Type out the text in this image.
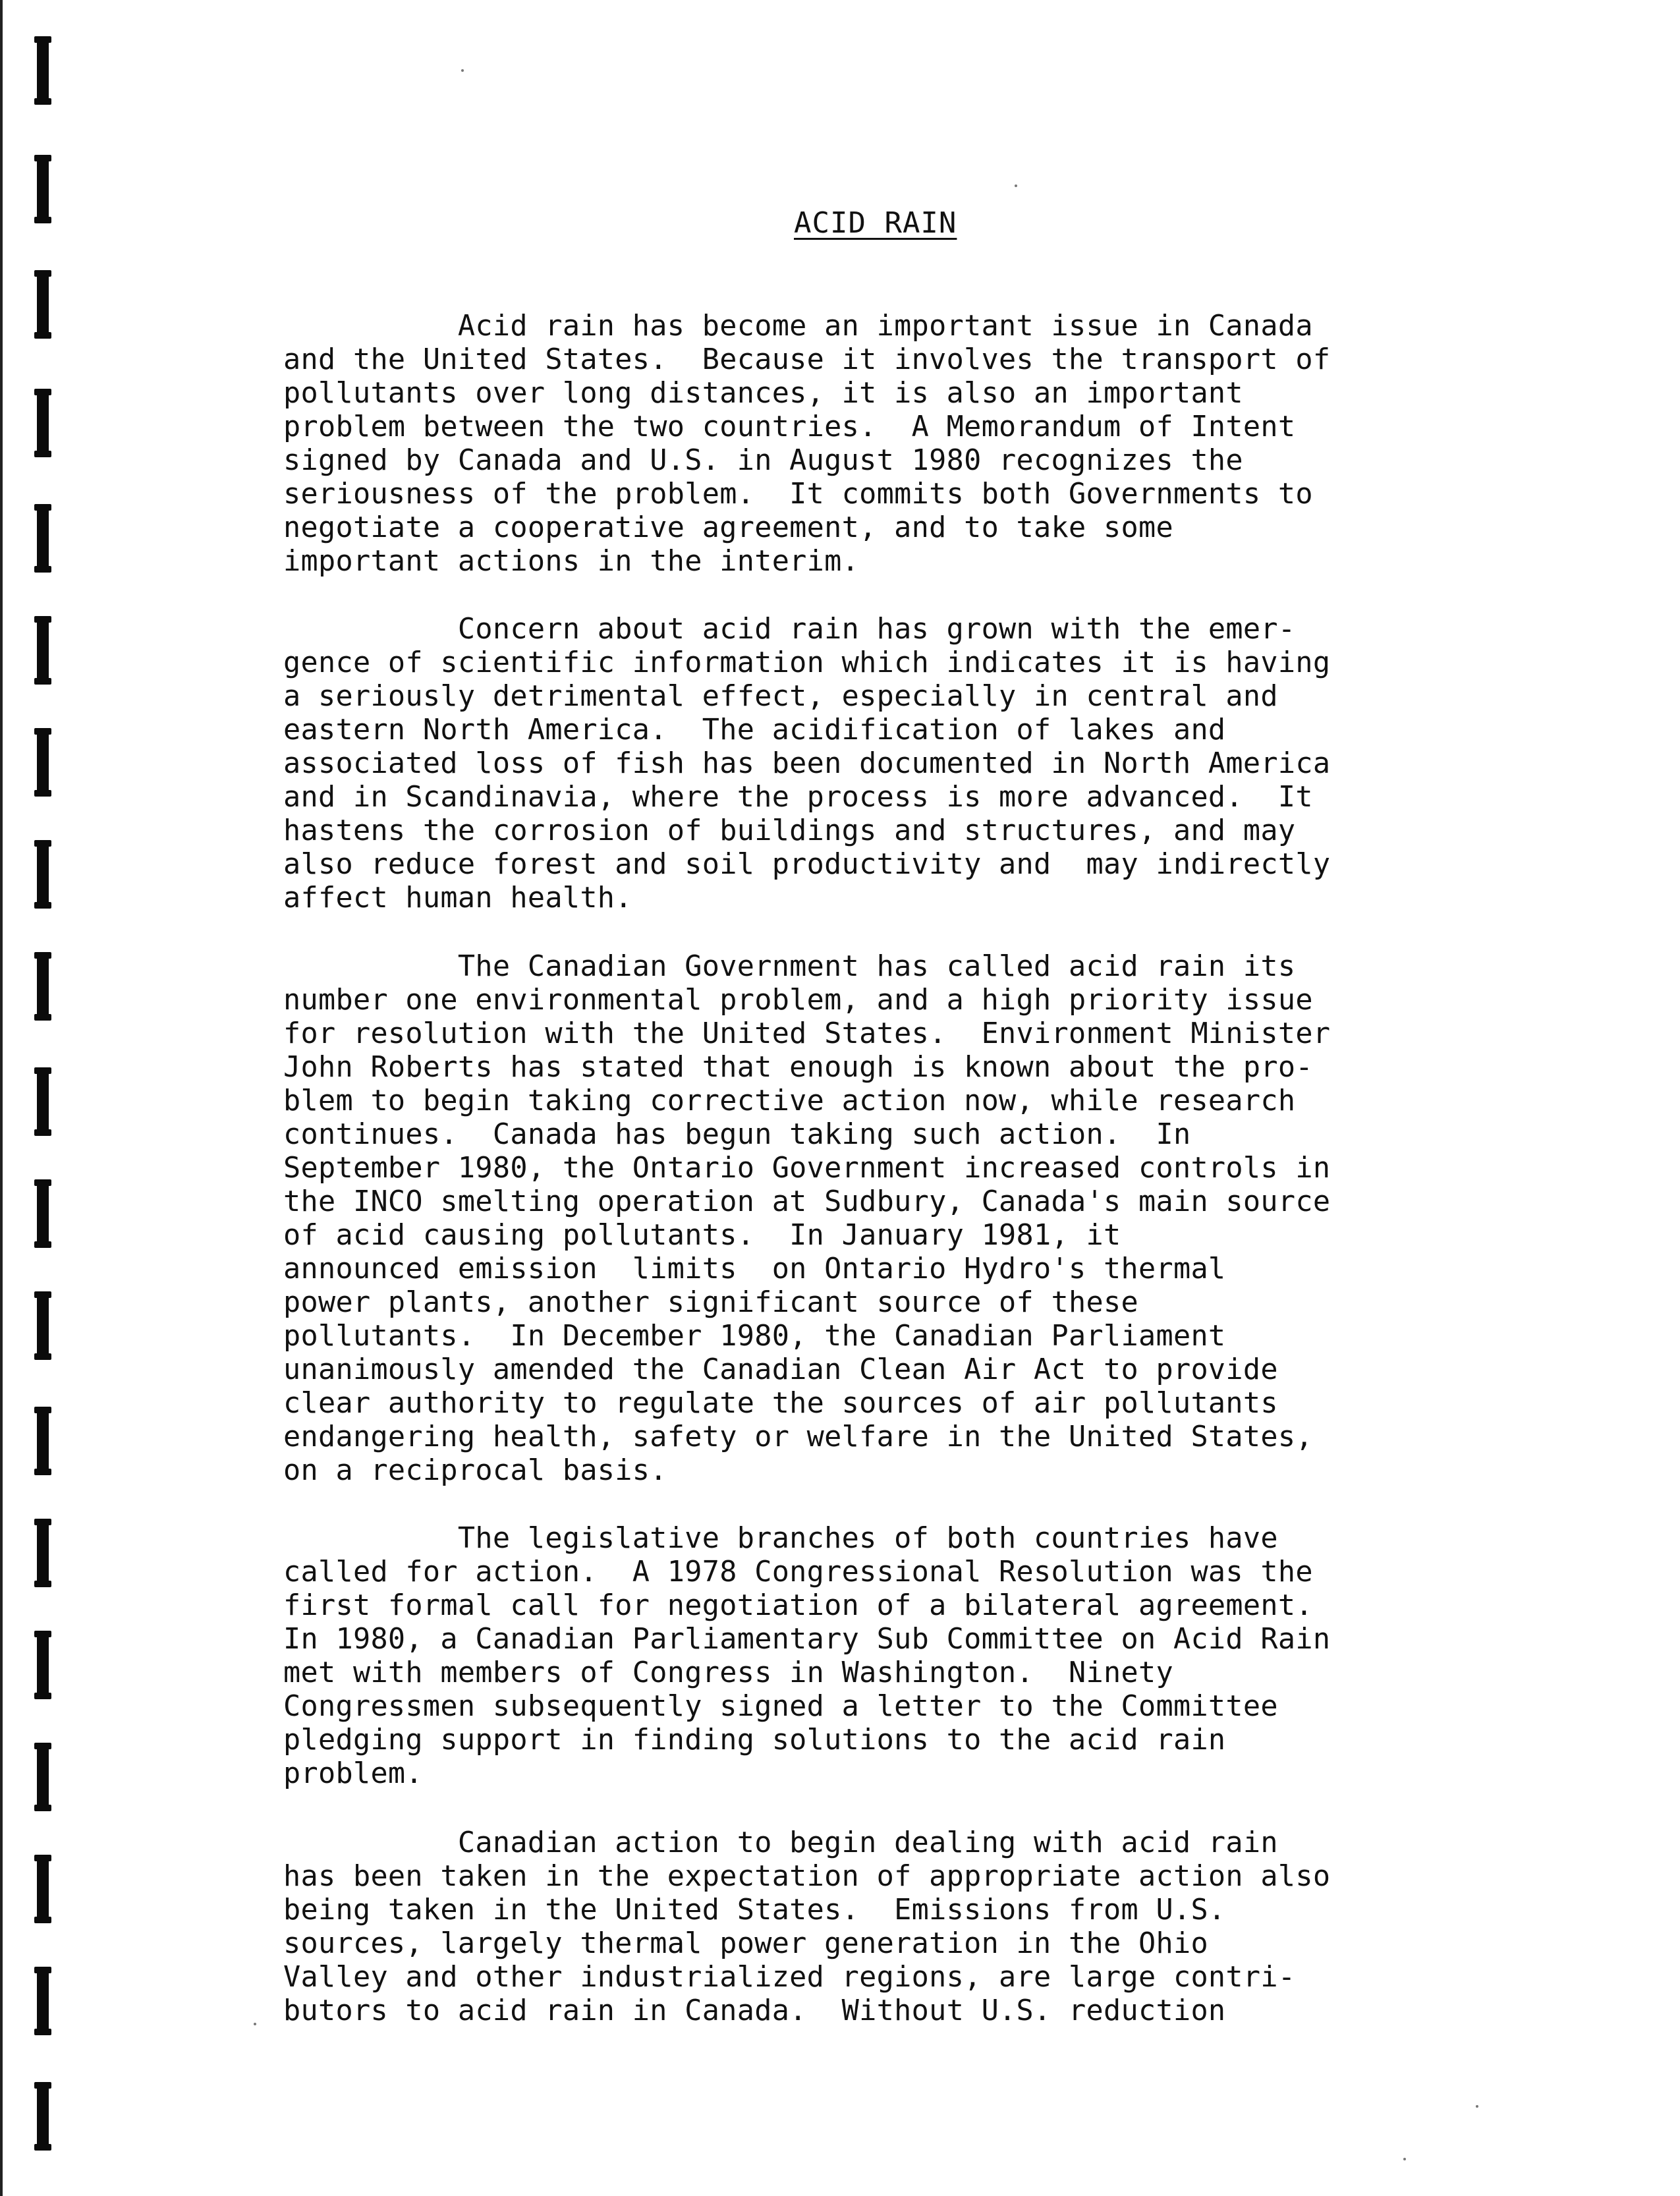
ACID RAIN
Acid rain has become an important issue in Canada
and the United States.  Because it involves the transport of
pollutants over long distances, it is also an important
problem between the two countries.  A Memorandum of Intent
signed by Canada and U.S. in August 1980 recognizes the
seriousness of the problem.  It commits both Governments to
negotiate a cooperative agreement, and to take some
important actions in the interim.
Concern about acid rain has grown with the emer-
gence of scientific information which indicates it is having
a seriously detrimental effect, especially in central and
eastern North America.  The acidification of lakes and
associated loss of fish has been documented in North America
and in Scandinavia, where the process is more advanced.  It
hastens the corrosion of buildings and structures, and may
also reduce forest and soil productivity and  may indirectly
affect human health.
The Canadian Government has called acid rain its
number one environmental problem, and a high priority issue
for resolution with the United States.  Environment Minister
John Roberts has stated that enough is known about the pro-
blem to begin taking corrective action now, while research
continues.  Canada has begun taking such action.  In
September 1980, the Ontario Government increased controls in
the INCO smelting operation at Sudbury, Canada's main source
of acid causing pollutants.  In January 1981, it
announced emission  limits  on Ontario Hydro's thermal
power plants, another significant source of these
pollutants.  In December 1980, the Canadian Parliament
unanimously amended the Canadian Clean Air Act to provide
clear authority to regulate the sources of air pollutants
endangering health, safety or welfare in the United States,
on a reciprocal basis.
The legislative branches of both countries have
called for action.  A 1978 Congressional Resolution was the
first formal call for negotiation of a bilateral agreement.
In 1980, a Canadian Parliamentary Sub Committee on Acid Rain
met with members of Congress in Washington.  Ninety
Congressmen subsequently signed a letter to the Committee
pledging support in finding solutions to the acid rain
problem.
Canadian action to begin dealing with acid rain
has been taken in the expectation of appropriate action also
being taken in the United States.  Emissions from U.S.
sources, largely thermal power generation in the Ohio
Valley and other industrialized regions, are large contri-
butors to acid rain in Canada.  Without U.S. reduction
